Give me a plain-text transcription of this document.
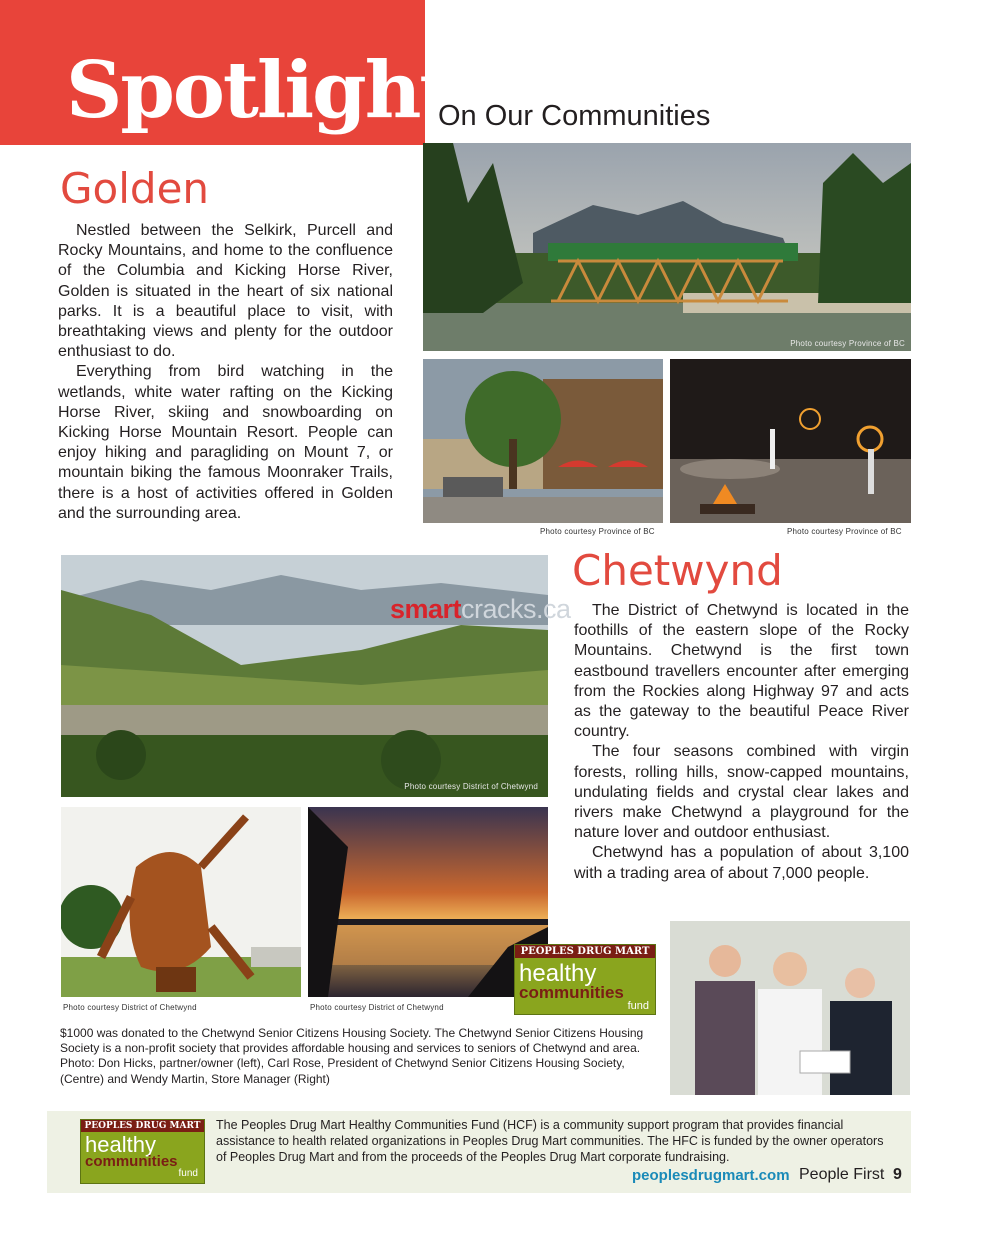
Spotlight
On Our Communities
Golden

Nestled between the Selkirk, Purcell and Rocky Mountains, and home to the confluence of the Columbia and Kicking Horse River, Golden is situated in the heart of six national parks. It is a beautiful place to visit, with breathtaking views and plenty for the outdoor enthusiast to do.

Everything from bird watching in the wetlands, white water rafting on the Kicking Horse River, skiing and snowboarding on Kicking Horse Mountain Resort. People can enjoy hiking and paragliding on Mount 7, or mountain biking the famous Moonraker Trails, there is a host of activities offered in Golden and the surrounding area.

Photo courtesy Province of BC
Photo courtesy Province of BC	Photo courtesy Province of BC
Chetwynd

The District of Chetwynd is located in the foothills of the eastern slope of the Rocky Mountains. Chetwynd is the first town eastbound travellers encounter after emerging from the Rockies along Highway 97 and acts as the gateway to the beautiful Peace River country.

The four seasons combined with virgin forests, rolling hills, snow-capped mountains, undulating fields and crystal clear lakes and rivers make Chetwynd a playground for the nature lover and outdoor enthusiast.

Chetwynd has a population of about 3,100 with a trading area of about 7,000 people.

Photo courtesy District of Chetwynd
smartcracks.ca
Photo courtesy District of Chetwynd	Photo courtesy District of Chetwynd
PEOPLES DRUG MART
healthy
communities
fund
$1000 was donated to the Chetwynd Senior Citizens Housing Society. The Chetwynd Senior Citizens Housing Society is a non-profit society that provides affordable housing and services to seniors of Chetwynd and area. Photo: Don Hicks, partner/owner (left), Carl Rose, President of Chetwynd Senior Citizens Housing Society, (Centre) and Wendy Martin, Store Manager (Right)
PEOPLES DRUG MART
healthy
communities
fund
The Peoples Drug Mart Healthy Communities Fund (HCF) is a community support program that provides financial assistance to health related organizations in Peoples Drug Mart communities. The HFC is funded by the owner operators of Peoples Drug Mart and from the proceeds of the Peoples Drug Mart corporate fundraising.
peoplesdrugmart.com People First 9
